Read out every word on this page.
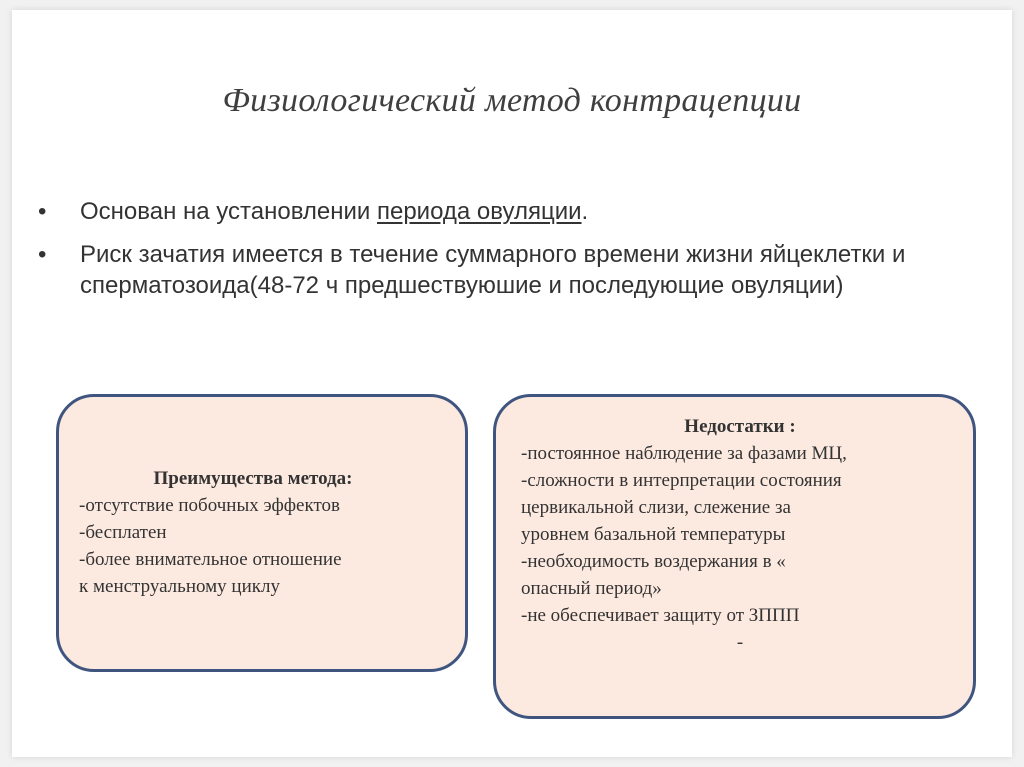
Физиологический метод контрацепции
• Основан на установлении периода овуляции.
• Риск зачатия имеется в течение суммарного времени жизни яйцеклетки и сперматозоида(48-72 ч предшествуюшие и последующие овуляции)
Преимущества метода:
-отсутствие побочных эффектов
-бесплатен
-более внимательное отношение
к менструальному циклу
Недостатки :
-постоянное наблюдение за фазами МЦ,
-сложности в интерпретации состояния
цервикальной слизи, слежение за
уровнем базальной температуры
-необходимость воздержания в «
опасный период»
-не обеспечивает защиту от ЗППП
-
